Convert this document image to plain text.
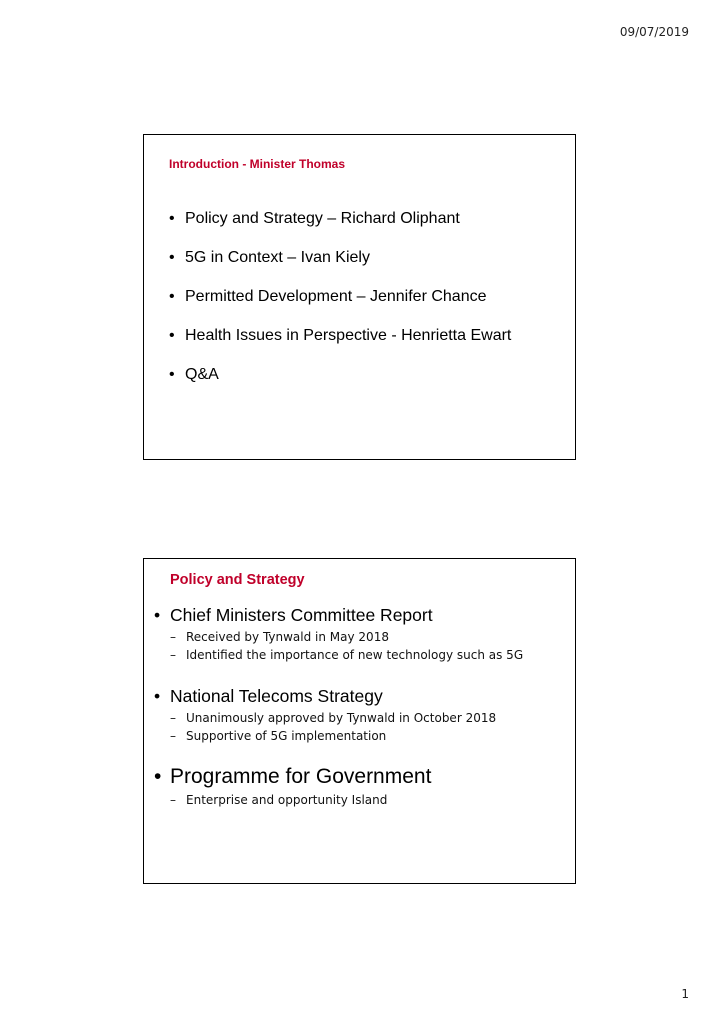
09/07/2019
Introduction - Minister Thomas
• Policy and Strategy – Richard Oliphant
• 5G in Context – Ivan Kiely
• Permitted Development – Jennifer Chance
• Health Issues in Perspective - Henrietta Ewart
• Q&A
Policy and Strategy
• Chief Ministers Committee Report
– Received by Tynwald in May 2018
– Identified the importance of new technology such as 5G
• National Telecoms Strategy
– Unanimously approved by Tynwald in October 2018
– Supportive of 5G implementation
• Programme for Government
– Enterprise and opportunity Island
1
